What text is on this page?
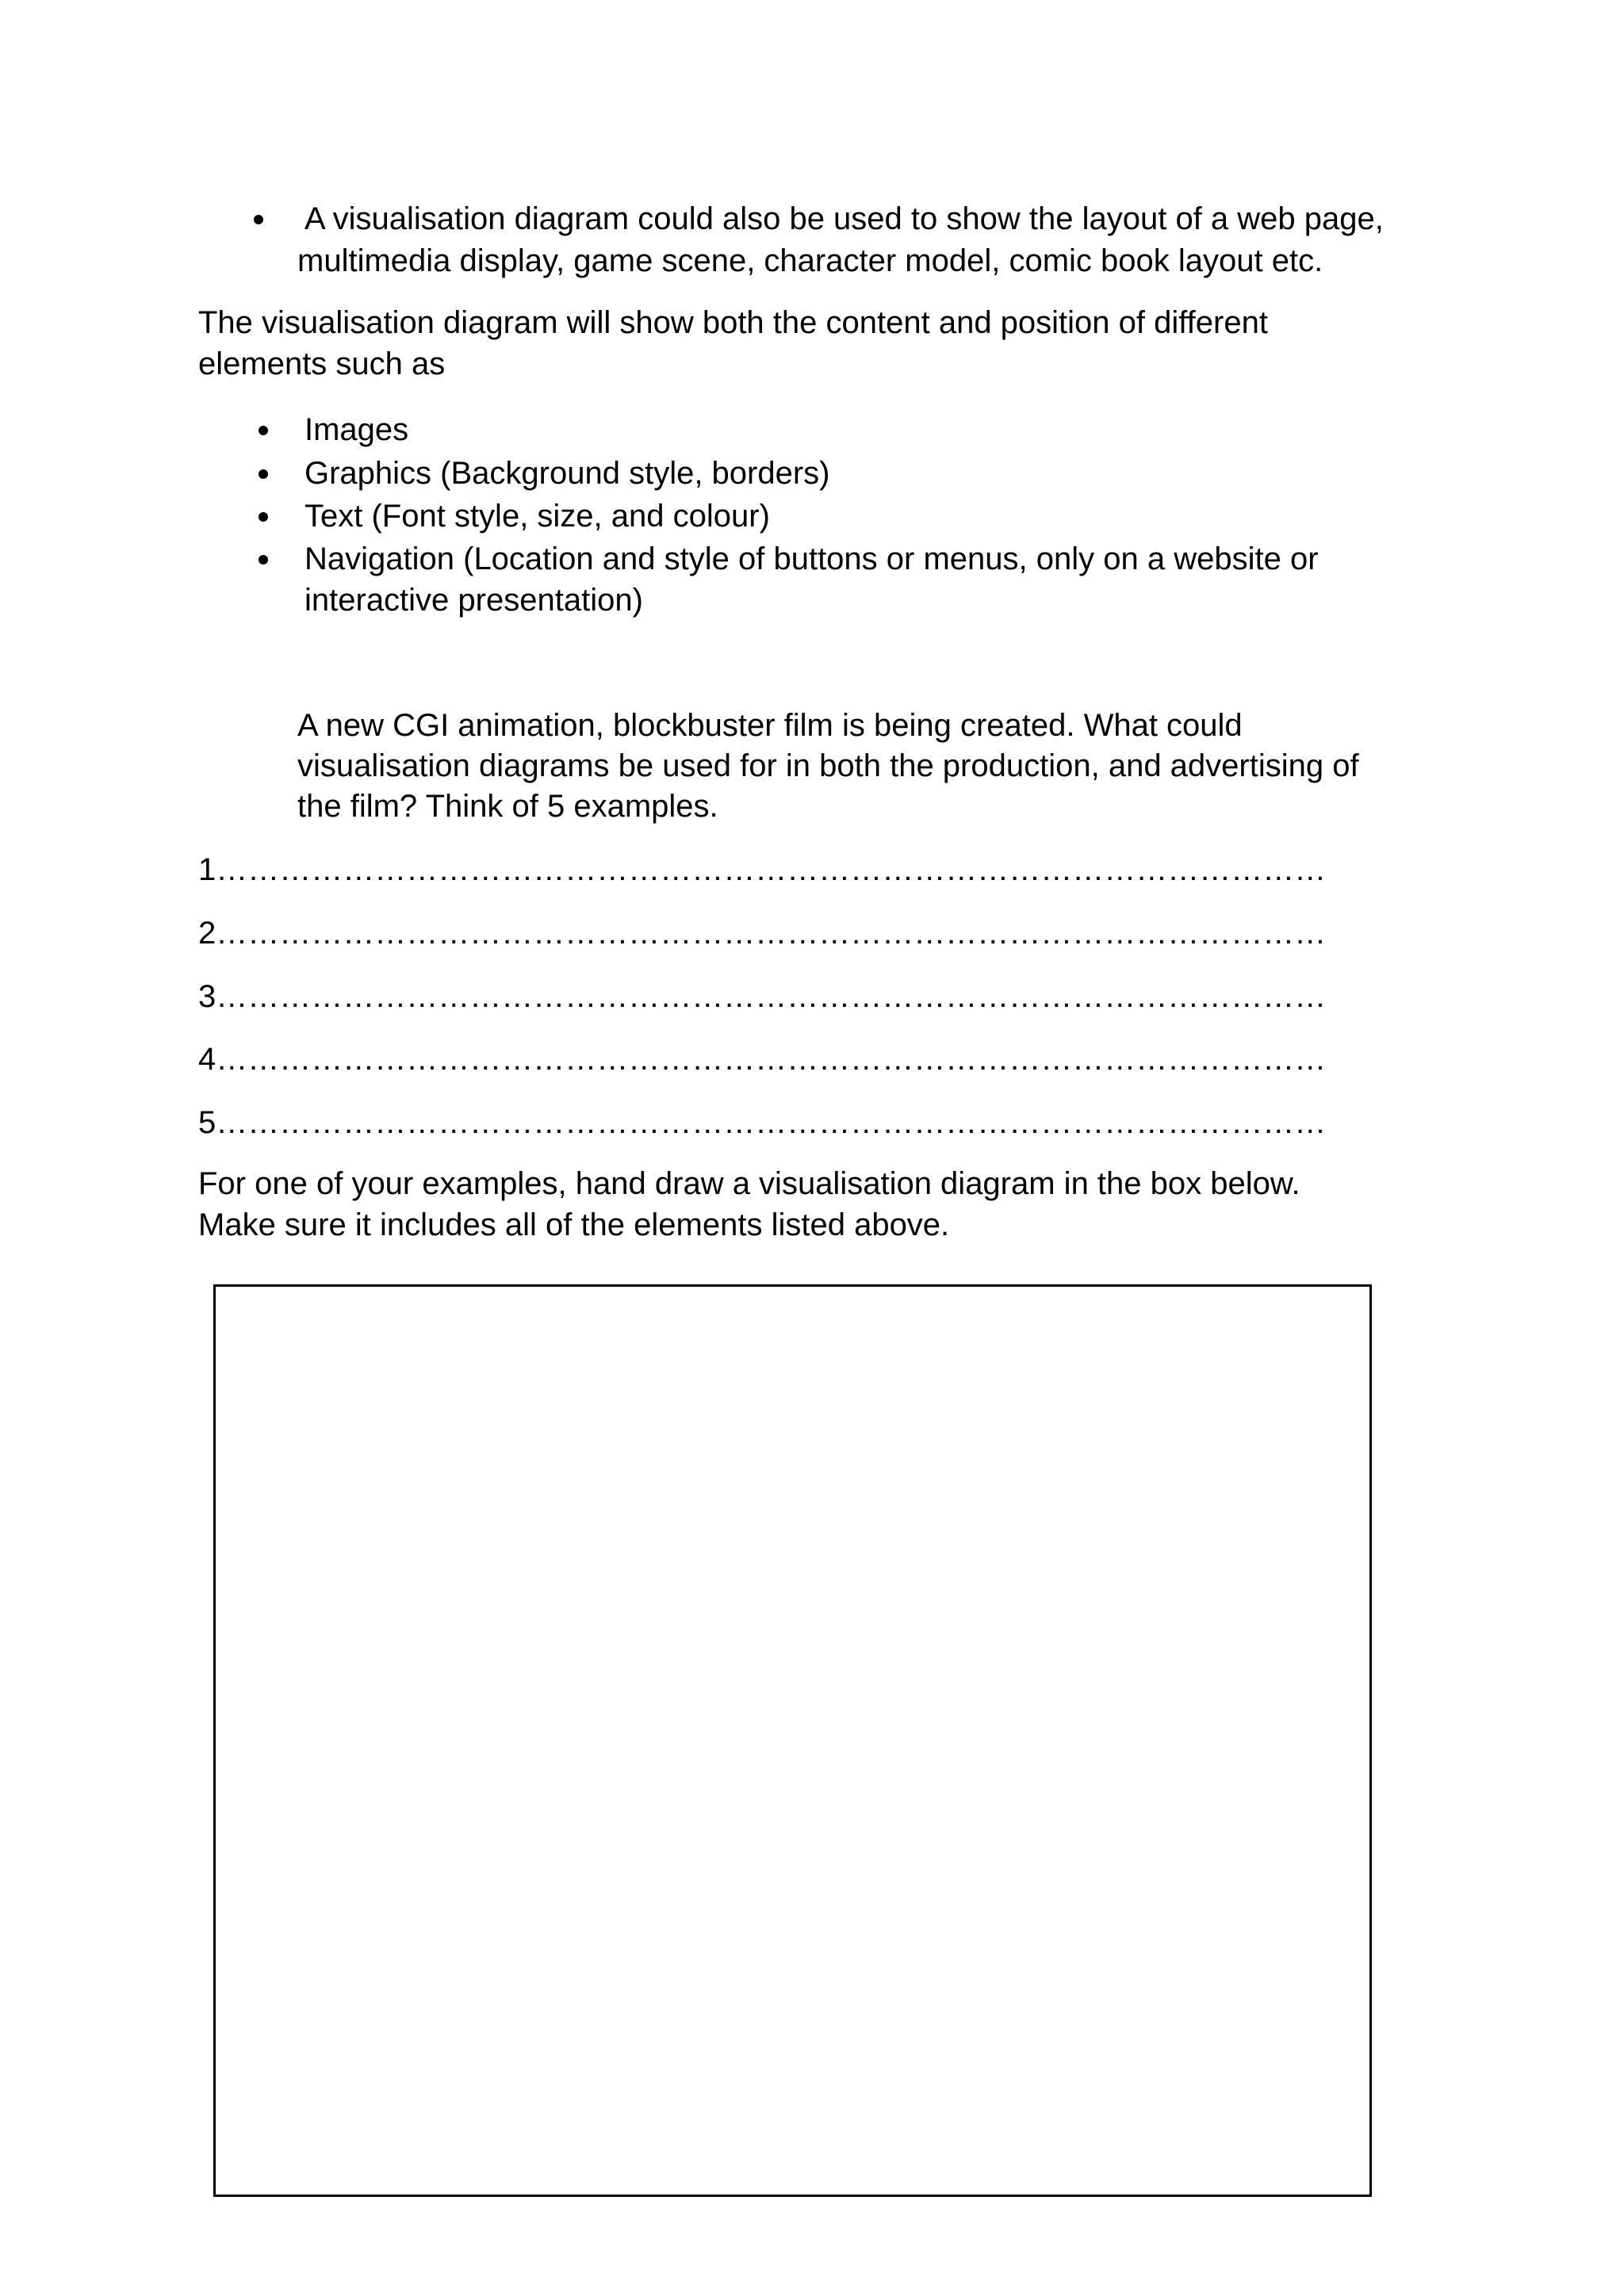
A visualisation diagram could also be used to show the layout of a web page,
multimedia display, game scene, character model, comic book layout etc.
The visualisation diagram will show both the content and position of different
elements such as
Images
Graphics (Background style, borders)
Text (Font style, size, and colour)
Navigation (Location and style of buttons or menus, only on a website or
interactive presentation)
A new CGI animation, blockbuster film is being created. What could
visualisation diagrams be used for in both the production, and advertising of
the film? Think of 5 examples.
1……………………………………………………………………………………………
2……………………………………………………………………………………………
3……………………………………………………………………………………………
4……………………………………………………………………………………………
5……………………………………………………………………………………………
For one of your examples, hand draw a visualisation diagram in the box below.
Make sure it includes all of the elements listed above.
